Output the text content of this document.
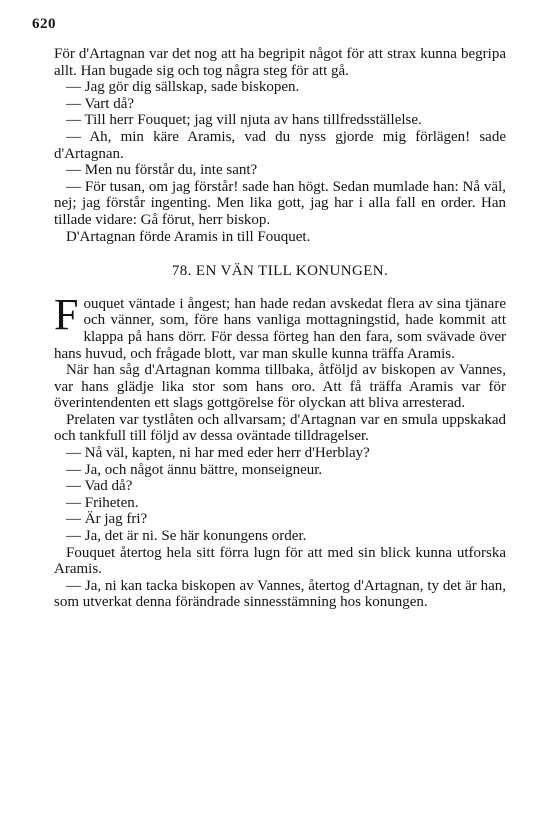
620

För d'Artagnan var det nog att ha begripit något för att strax kunna begripa allt. Han bugade sig och tog några steg för att gå.

— Jag gör dig sällskap, sade biskopen.

— Vart då?

— Till herr Fouquet; jag vill njuta av hans tillfredsställelse.

— Ah, min käre Aramis, vad du nyss gjorde mig förlägen! sade d'Artagnan.

— Men nu förstår du, inte sant?

— För tusan, om jag förstår! sade han högt. Sedan mumlade han: Nå väl, nej; jag förstår ingenting. Men lika gott, jag har i alla fall en order. Han tillade vidare: Gå förut, herr biskop.

D'Artagnan förde Aramis in till Fouquet.

78. EN VÄN TILL KONUNGEN.

Fouquet väntade i ångest; han hade redan avskedat flera av sina tjänare och vänner, som, före hans vanliga mottagningstid, hade kommit att klappa på hans dörr. För dessa förteg han den fara, som svävade över hans huvud, och frågade blott, var man skulle kunna träffa Aramis.

När han såg d'Artagnan komma tillbaka, åtföljd av biskopen av Vannes, var hans glädje lika stor som hans oro. Att få träffa Aramis var för överintendenten ett slags gottgörelse för olyckan att bliva arresterad.

Prelaten var tystlåten och allvarsam; d'Artagnan var en smula uppskakad och tankfull till följd av dessa oväntade tilldragelser.

— Nå väl, kapten, ni har med eder herr d'Herblay?

— Ja, och något ännu bättre, monseigneur.

— Vad då?

— Friheten.

— Är jag fri?

— Ja, det är ni. Se här konungens order.

Fouquet återtog hela sitt förra lugn för att med sin blick kunna utforska Aramis.

— Ja, ni kan tacka biskopen av Vannes, återtog d'Artagnan, ty det är han, som utverkat denna förändrade sinnesstämning hos konungen.
